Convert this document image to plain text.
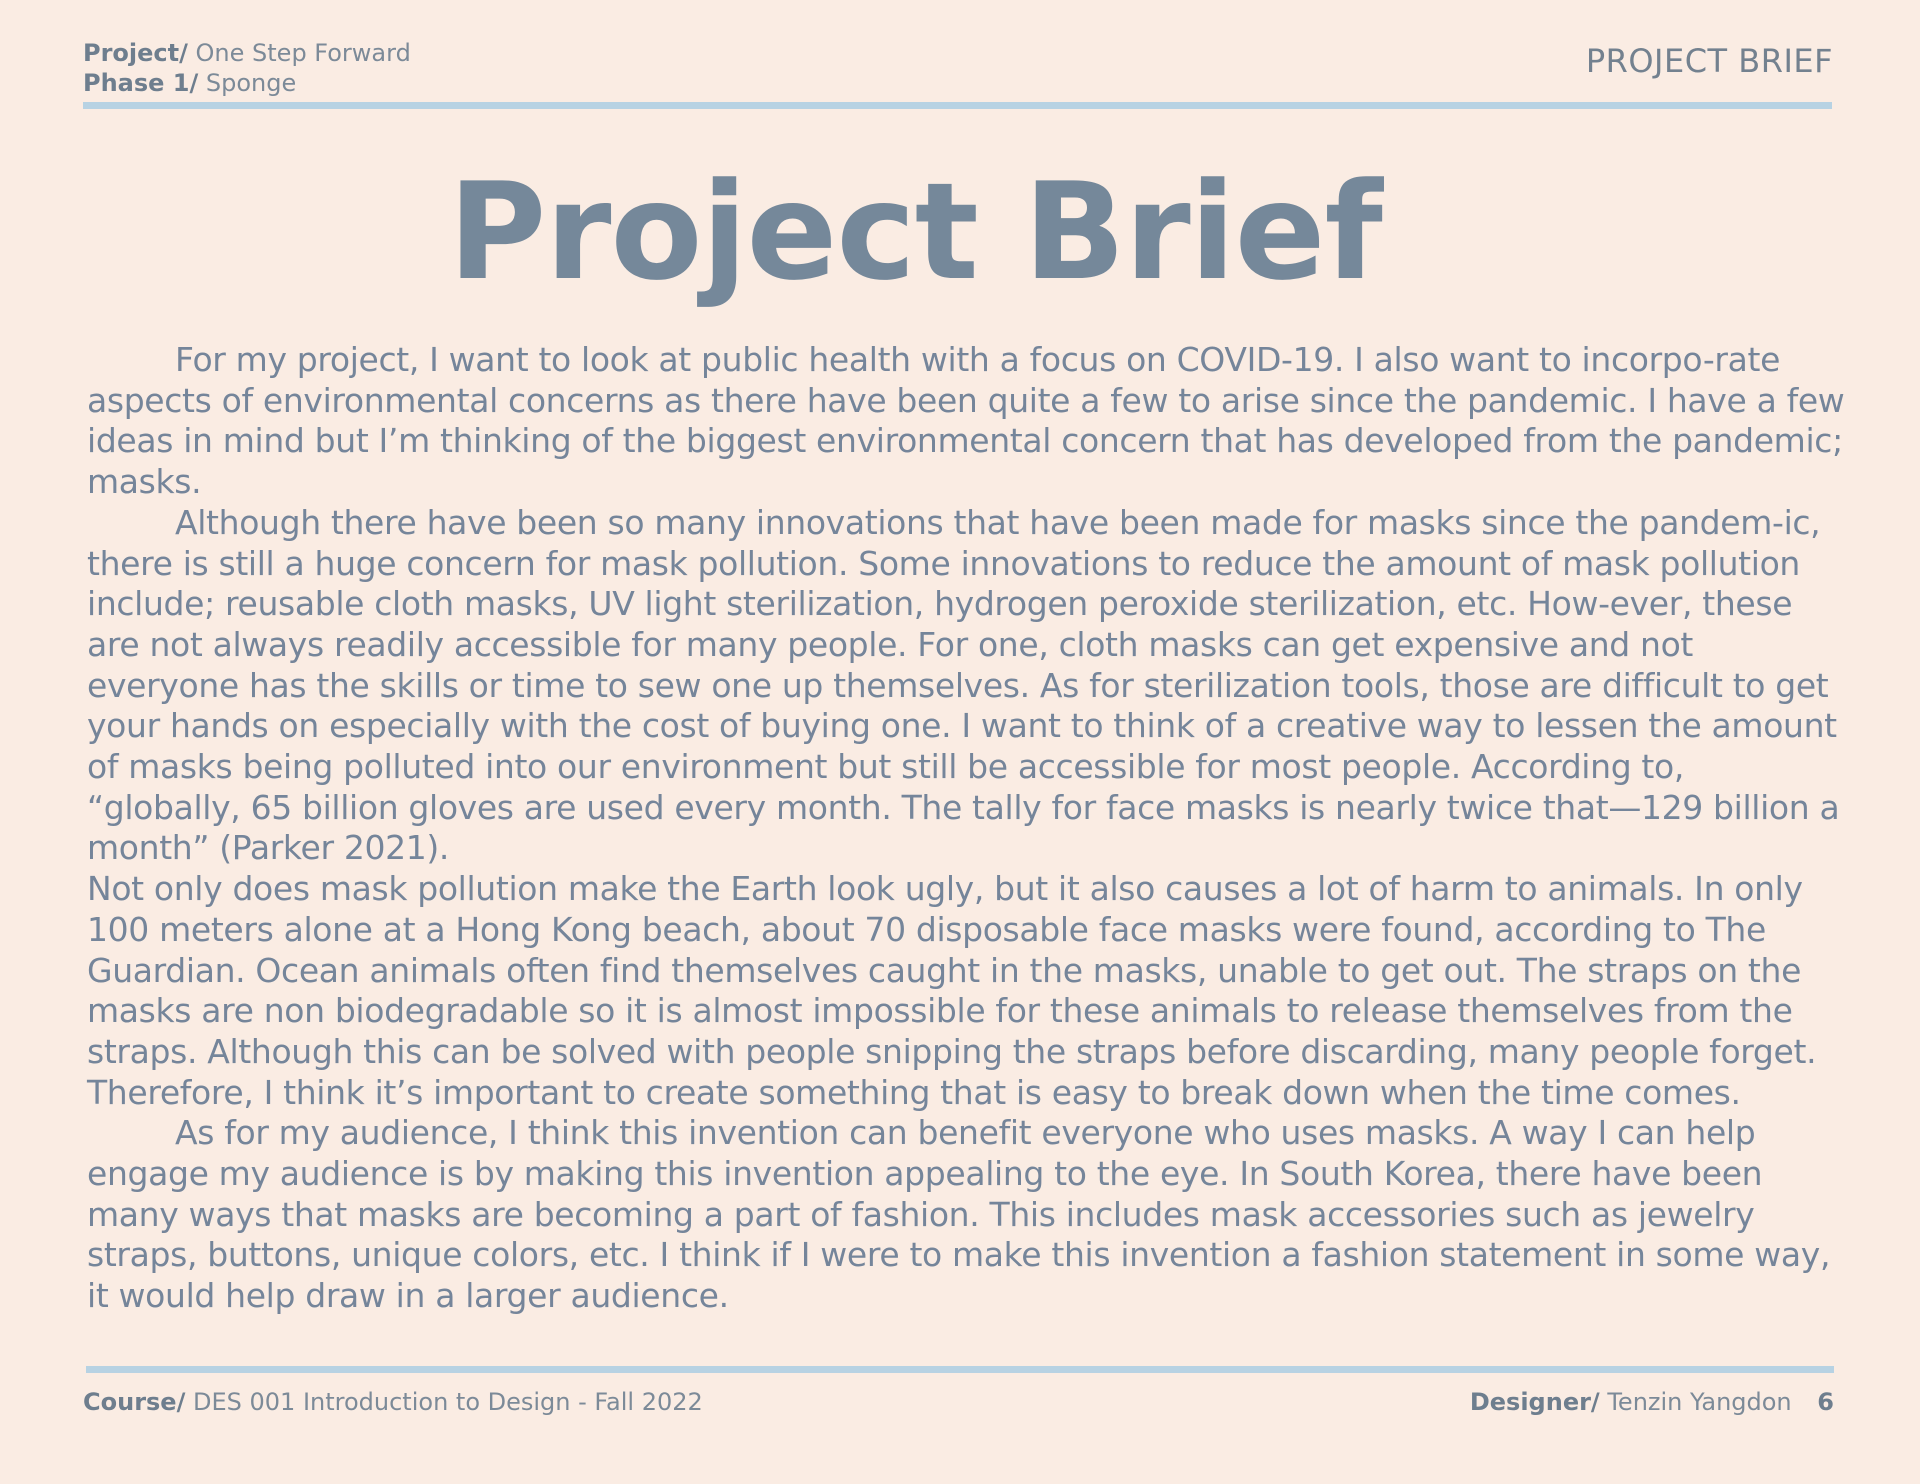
Project/ One Step Forward
Phase 1/ Sponge
PROJECT BRIEF
Project Brief

For my project, I want to look at public health with a focus on COVID-19. I also want to incorpo-rate aspects of environmental concerns as there have been quite a few to arise since the pandemic. I have a few ideas in mind but I’m thinking of the biggest environmental concern that has developed from the pandemic; masks.

Although there have been so many innovations that have been made for masks since the pandem-ic, there is still a huge concern for mask pollution. Some innovations to reduce the amount of mask pollution include; reusable cloth masks, UV light sterilization, hydrogen peroxide sterilization, etc. How-ever, these are not always readily accessible for many people. For one, cloth masks can get expensive and not everyone has the skills or time to sew one up themselves. As for sterilization tools, those are difficult to get your hands on especially with the cost of buying one. I want to think of a creative way to lessen the amount of masks being polluted into our environment but still be accessible for most people. According to, “globally, 65 billion gloves are used every month. The tally for face masks is nearly twice that—129 billion a month” (Parker 2021).

Not only does mask pollution make the Earth look ugly, but it also causes a lot of harm to animals. In only 100 meters alone at a Hong Kong beach, about 70 disposable face masks were found, according to The Guardian. Ocean animals often find themselves caught in the masks, unable to get out. The straps on the masks are non biodegradable so it is almost impossible for these animals to release themselves from the straps. Although this can be solved with people snipping the straps before discarding, many people forget. Therefore, I think it’s important to create something that is easy to break down when the time comes.

As for my audience, I think this invention can benefit everyone who uses masks. A way I can help engage my audience is by making this invention appealing to the eye. In South Korea, there have been many ways that masks are becoming a part of fashion. This includes mask accessories such as jewelry straps, buttons, unique colors, etc. I think if I were to make this invention a fashion statement in some way, it would help draw in a larger audience.

Course/ DES 001 Introduction to Design - Fall 2022	Designer/ Tenzin Yangdon 6
